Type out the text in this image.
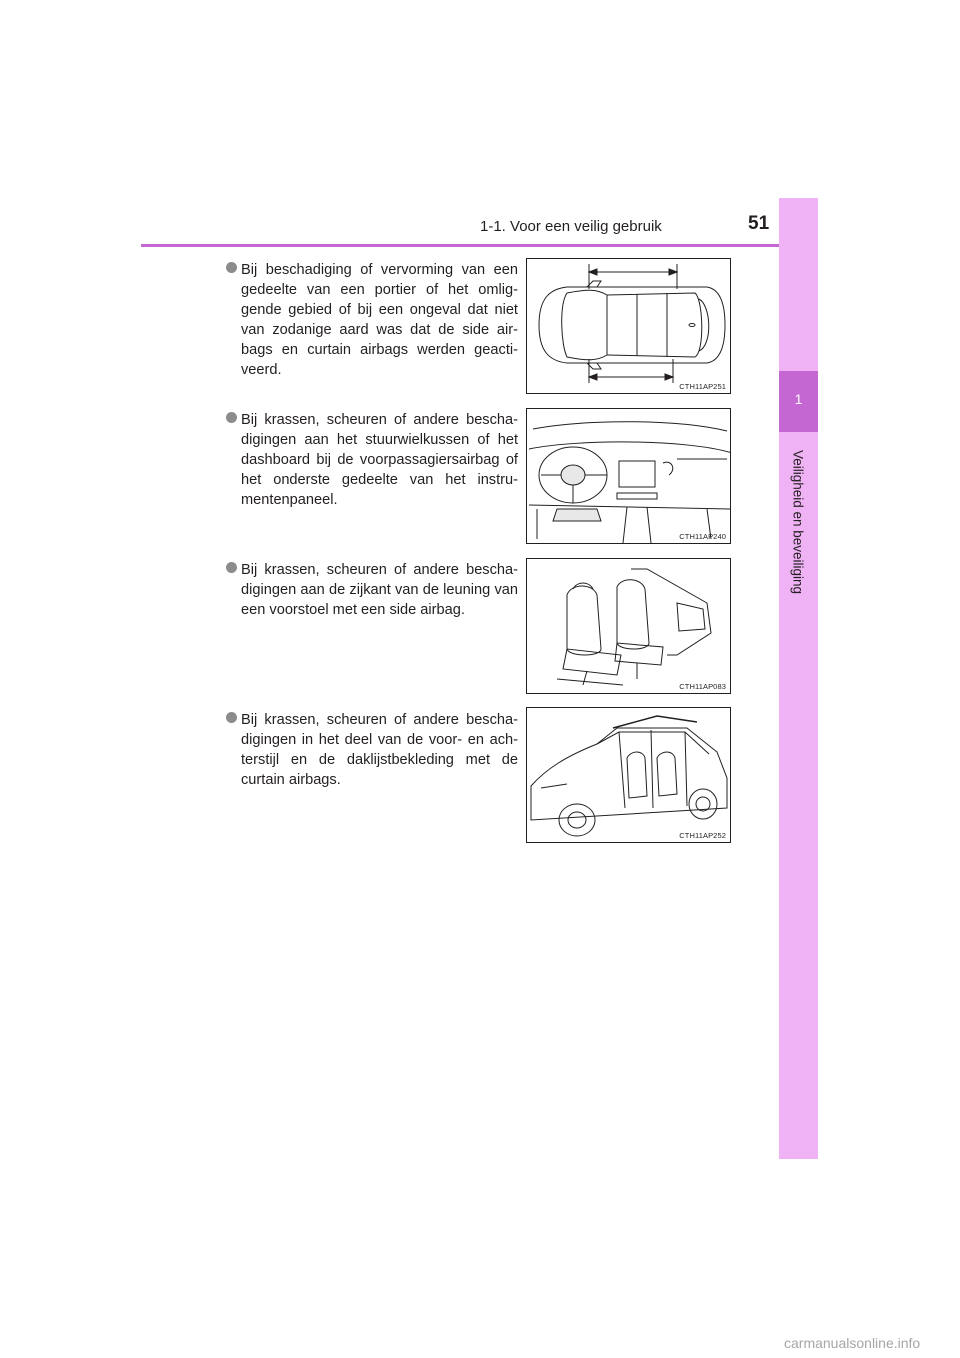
1-1. Voor een veilig gebruik	51
1
Veiligheid en beveiliging
Bij beschadiging of vervorming van een gedeelte van een portier of het omlig-gende gebied of bij een ongeval dat niet van zodanige aard was dat de side air-bags en curtain airbags werden geacti-veerd.
CTH11AP251
Bij krassen, scheuren of andere bescha-digingen aan het stuurwielkussen of het dashboard bij de voorpassagiersairbag of het onderste gedeelte van het instru-mentenpaneel.
CTH11AP240
Bij krassen, scheuren of andere bescha-digingen aan de zijkant van de leuning van een voorstoel met een side airbag.
CTH11AP083
Bij krassen, scheuren of andere bescha-digingen in het deel van de voor- en ach-terstijl en de daklijstbekleding met de curtain airbags.
CTH11AP252
carmanualsonline.info
